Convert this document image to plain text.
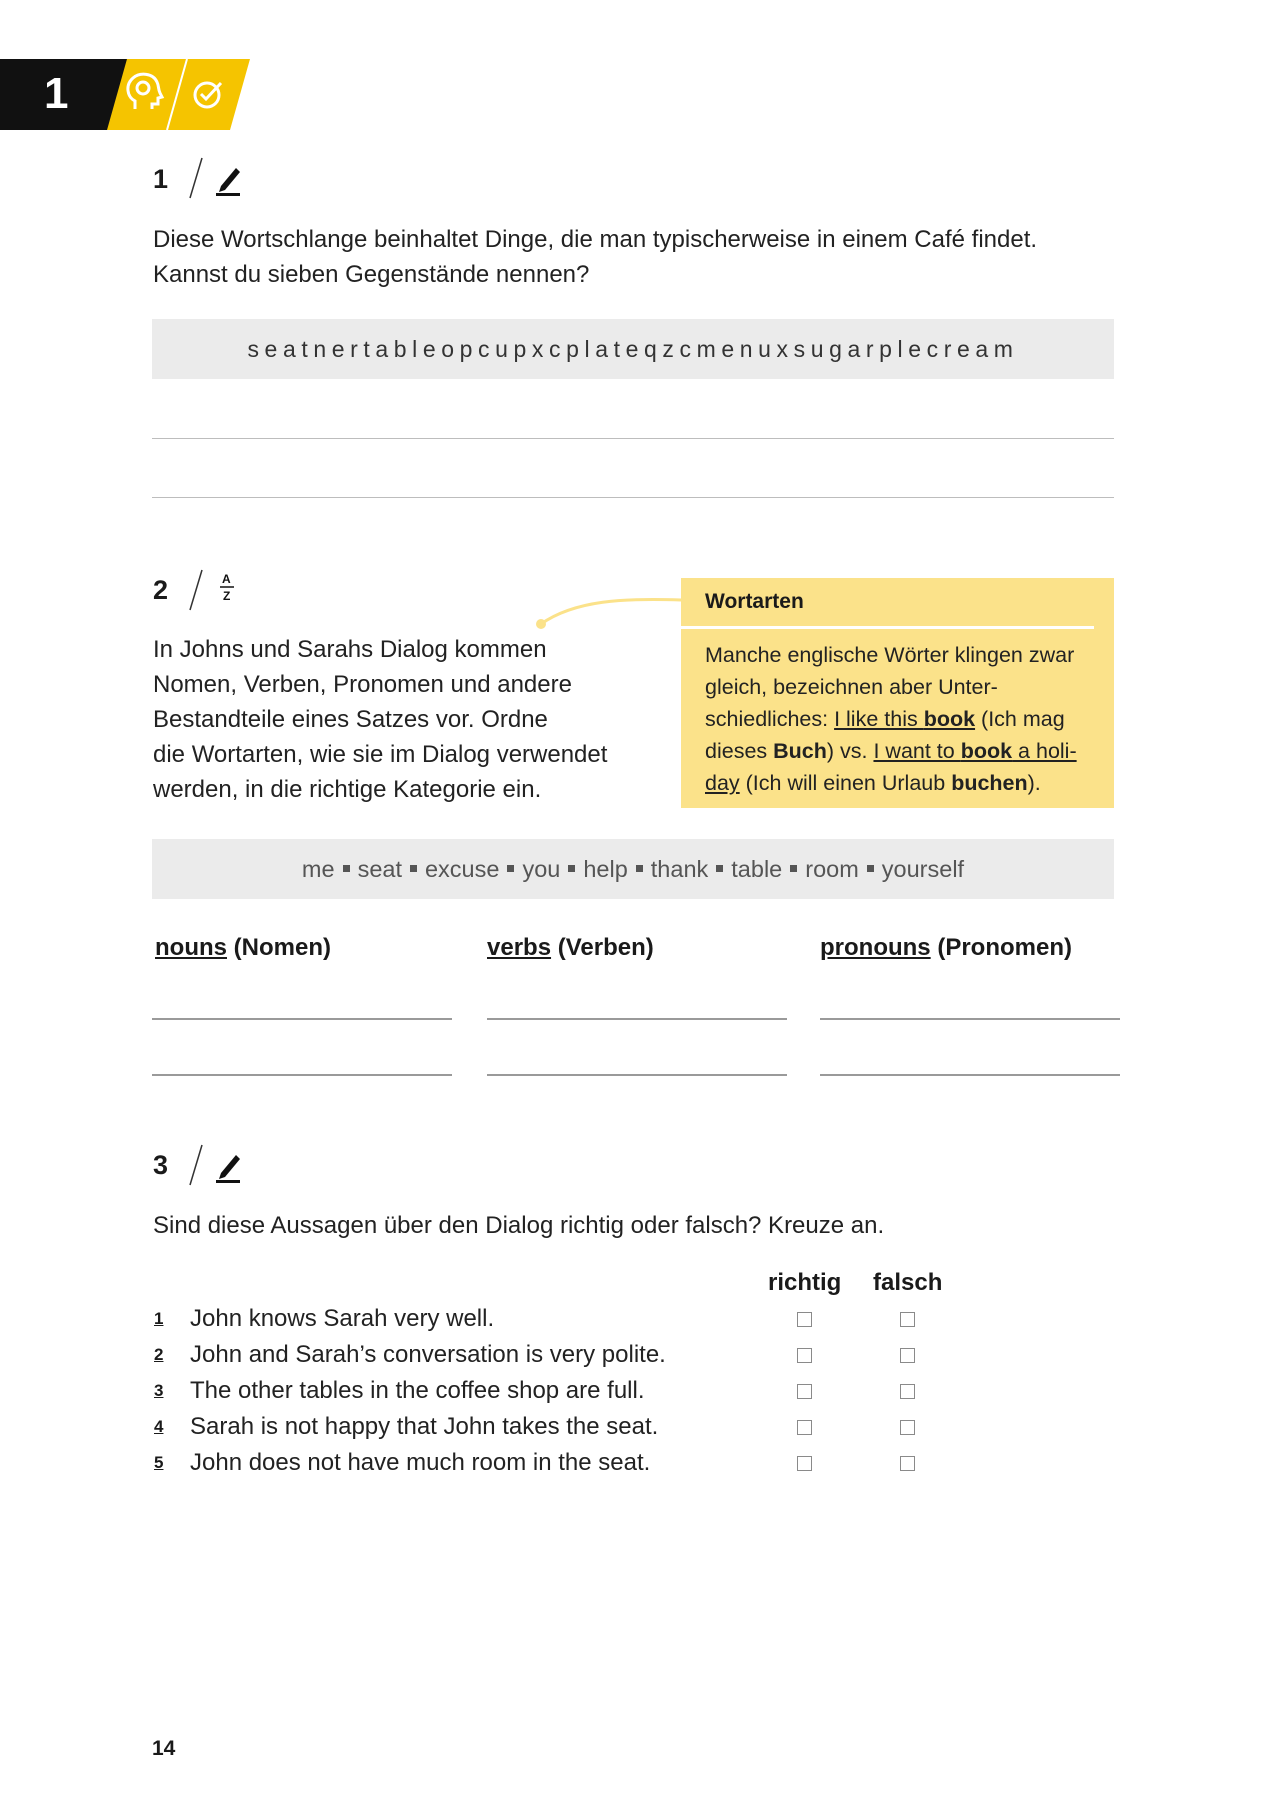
1
1
Diese Wortschlange beinhaltet Dinge, die man typischerweise in einem Café findet.
Kannst du sieben Gegenstände nennen?
seatnertableopcupxcplateqzcmenuxsugarplecream
2	A
Z
In Johns und Sarahs Dialog kommen
Nomen, Verben, Pronomen und andere
Bestandteile eines Satzes vor. Ordne
die Wortarten, wie sie im Dialog verwendet
werden, in die richtige Kategorie ein.
Wortarten
Manche englische Wörter klingen zwar gleich, bezeichnen aber Unterschiedliches: I like this book (Ich mag dieses Buch) vs. I want to book a holi-day (Ich will einen Urlaub buchen).
me seat excuse you help thank table room yourself
nouns (Nomen)	verbs (Verben)	pronouns (Pronomen)
3
Sind diese Aussagen über den Dialog richtig oder falsch? Kreuze an.
richtig falsch
1 John knows Sarah very well.
2 John and Sarah’s conversation is very polite.
3 The other tables in the coffee shop are full.
4 Sarah is not happy that John takes the seat.
5 John does not have much room in the seat.
14
